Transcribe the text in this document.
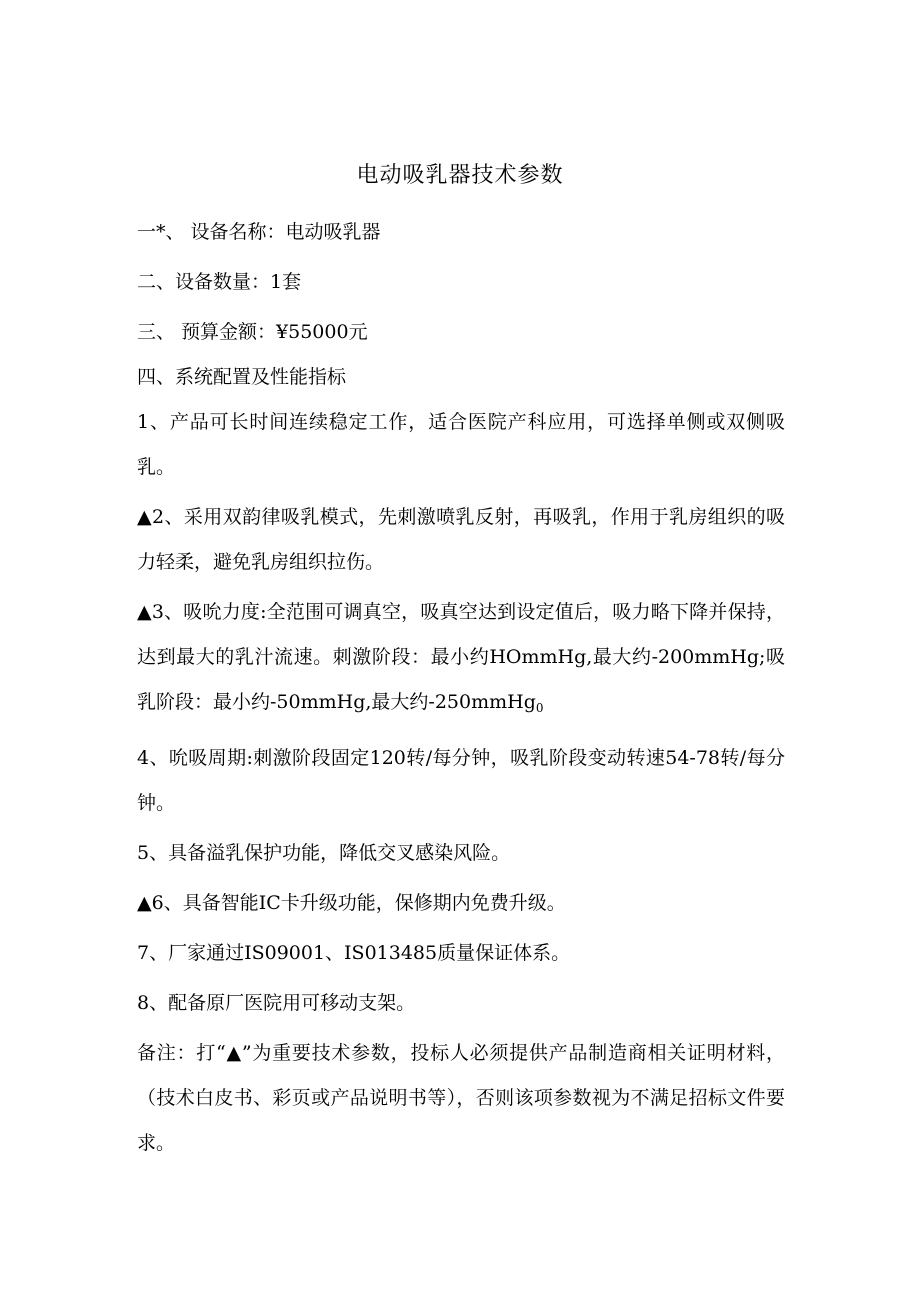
电动吸乳器技术参数

一*、 设备名称：电动吸乳器

二、设备数量：1套

三、 预算金额：¥55000元

四、系统配置及性能指标

1、产品可长时间连续稳定工作，适合医院产科应用，可选择单侧或双侧吸乳。

▲2、采用双韵律吸乳模式，先刺激喷乳反射，再吸乳，作用于乳房组织的吸力轻柔，避免乳房组织拉伤。

▲3、吸吮力度:全范围可调真空，吸真空达到设定值后，吸力略下降并保持，达到最大的乳汁流速。刺激阶段：最小约HOmmHg,最大约-200mmHg;吸乳阶段：最小约-50mmHg,最大约-250mmHg$_0$

4、吮吸周期:刺激阶段固定120转/每分钟，吸乳阶段变动转速54-78转/每分钟。

5、具备溢乳保护功能，降低交叉感染风险。

▲6、具备智能IC卡升级功能，保修期内免费升级。

7、厂家通过IS09001、IS013485质量保证体系。

8、配备原厂医院用可移动支架。

备注：打“▲”为重要技术参数，投标人必须提供产品制造商相关证明材料，（技术白皮书、彩页或产品说明书等），否则该项参数视为不满足招标文件要求。
